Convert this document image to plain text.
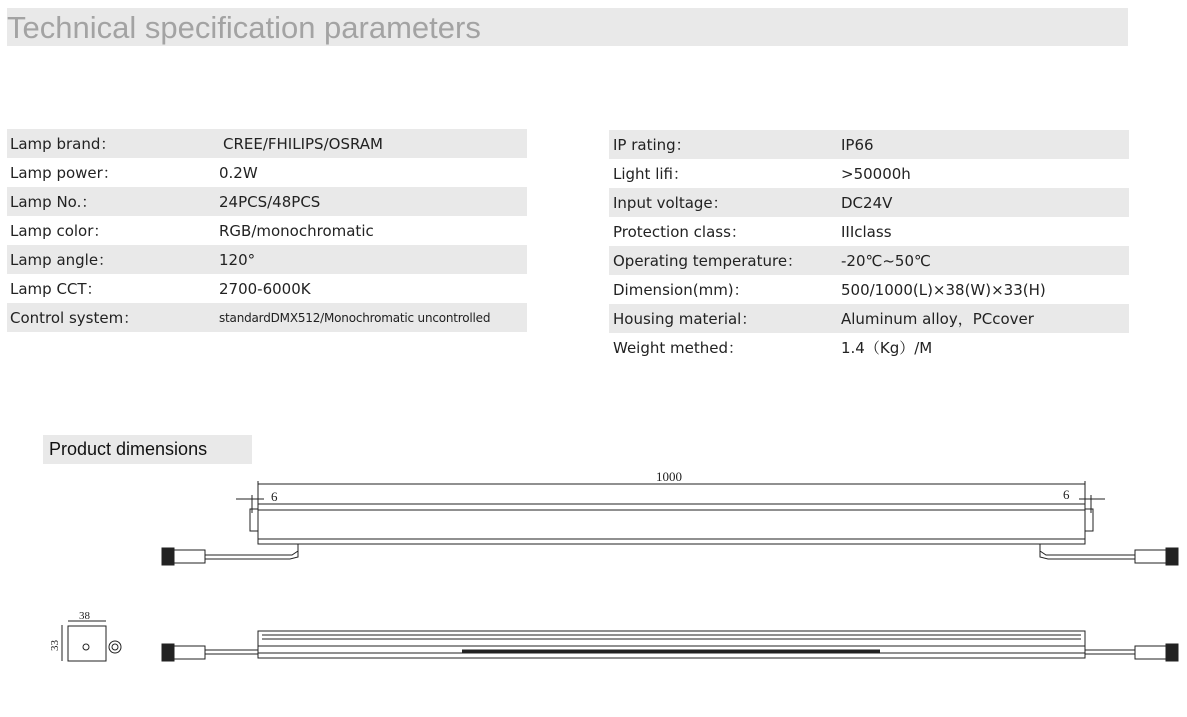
Technical specification parameters
Lamp brand：	CREE/FHILIPS/OSRAM
Lamp power：	0.2W
Lamp No.：	24PCS/48PCS
Lamp color：	RGB/monochromatic
Lamp angle：	120°
Lamp CCT：	2700-6000K
Control system：	standardDMX512/Monochromatic uncontrolled
IP rating：	IP66
Light lifi：	>50000h
Input voltage：	DC24V
Protection class：	IIIclass
Operating temperature：	-20℃~50℃
Dimension(mm)：	500/1000(L)×38(W)×33(H)
Housing material：	Aluminum alloy，PCcover
Weight methed：	1.4（Kg）/M
Product dimensions
1000
6	6
38
33
